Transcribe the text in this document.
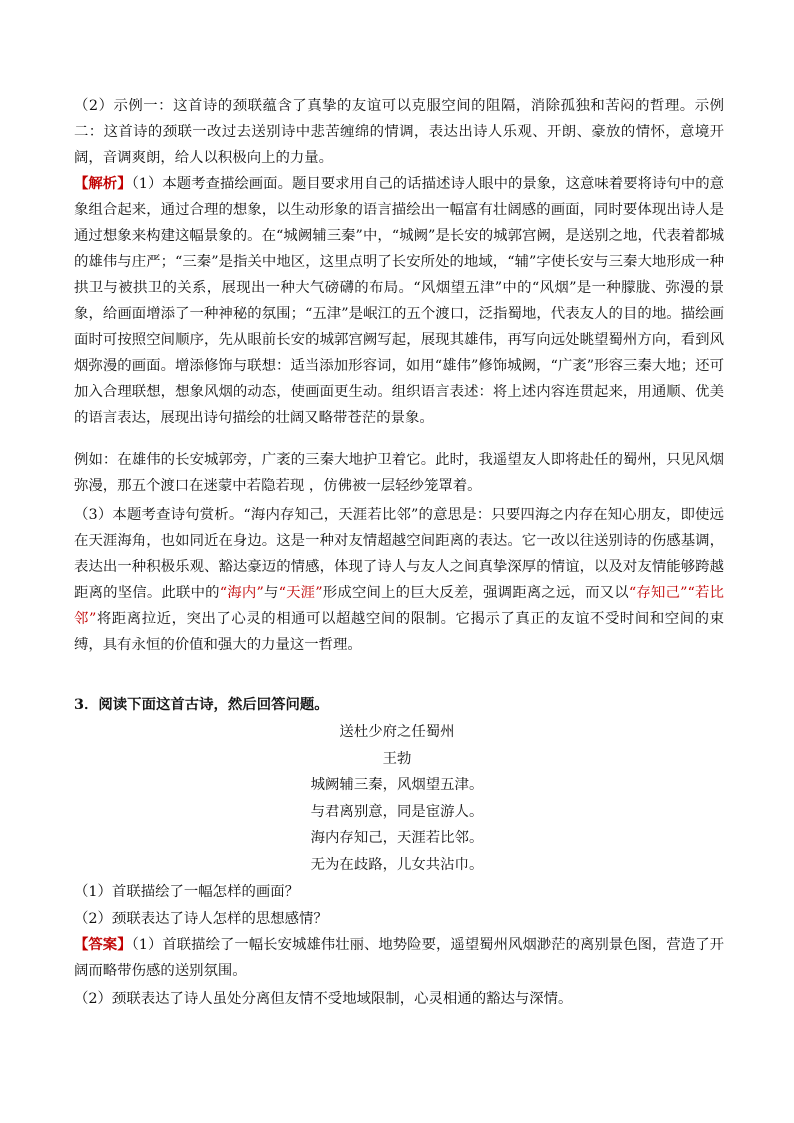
（2）示例一：这首诗的颈联蕴含了真挚的友谊可以克服空间的阻隔，消除孤独和苦闷的哲理。示例二：这首诗的颈联一改过去送别诗中悲苦缠绵的情调，表达出诗人乐观、开朗、豪放的情怀，意境开阔，音调爽朗，给人以积极向上的力量。

【解析】（1）本题考查描绘画面。题目要求用自己的话描述诗人眼中的景象，这意味着要将诗句中的意象组合起来，通过合理的想象，以生动形象的语言描绘出一幅富有壮阔感的画面，同时要体现出诗人是通过想象来构建这幅景象的。在“城阙辅三秦”中，“城阙”是长安的城郭宫阙，是送别之地，代表着都城的雄伟与庄严；“三秦”是指关中地区，这里点明了长安所处的地域，“辅”字使长安与三秦大地形成一种拱卫与被拱卫的关系，展现出一种大气磅礴的布局。“风烟望五津”中的“风烟”是一种朦胧、弥漫的景象，给画面增添了一种神秘的氛围；“五津”是岷江的五个渡口，泛指蜀地，代表友人的目的地。描绘画面时可按照空间顺序，先从眼前长安的城郭宫阙写起，展现其雄伟，再写向远处眺望蜀州方向，看到风烟弥漫的画面。增添修饰与联想：适当添加形容词，如用“雄伟”修饰城阙，“广袤”形容三秦大地；还可加入合理联想，想象风烟的动态，使画面更生动。组织语言表述：将上述内容连贯起来，用通顺、优美的语言表达，展现出诗句描绘的壮阔又略带苍茫的景象。

例如：在雄伟的长安城郭旁，广袤的三秦大地护卫着它。此时，我遥望友人即将赴任的蜀州，只见风烟弥漫，那五个渡口在迷蒙中若隐若现 ，仿佛被一层轻纱笼罩着。

（3）本题考查诗句赏析。“海内存知己，天涯若比邻”的意思是：只要四海之内存在知心朋友，即使远在天涯海角，也如同近在身边。这是一种对友情超越空间距离的表达。它一改以往送别诗的伤感基调，表达出一种积极乐观、豁达豪迈的情感，体现了诗人与友人之间真挚深厚的情谊，以及对友情能够跨越距离的坚信。此联中的“海内”与“天涯”形成空间上的巨大反差，强调距离之远，而又以“存知己”“若比邻”将距离拉近，突出了心灵的相通可以超越空间的限制。它揭示了真正的友谊不受时间和空间的束缚，具有永恒的价值和强大的力量这一哲理。

3．阅读下面这首古诗，然后回答问题。

送杜少府之任蜀州
王勃
城阙辅三秦，风烟望五津。
与君离别意，同是宦游人。
海内存知己，天涯若比邻。
无为在歧路，儿女共沾巾。

（1）首联描绘了一幅怎样的画面？

（2）颈联表达了诗人怎样的思想感情？

【答案】（1）首联描绘了一幅长安城雄伟壮丽、地势险要，遥望蜀州风烟渺茫的离别景色图，营造了开阔而略带伤感的送别氛围。

（2）颈联表达了诗人虽处分离但友情不受地域限制，心灵相通的豁达与深情。
